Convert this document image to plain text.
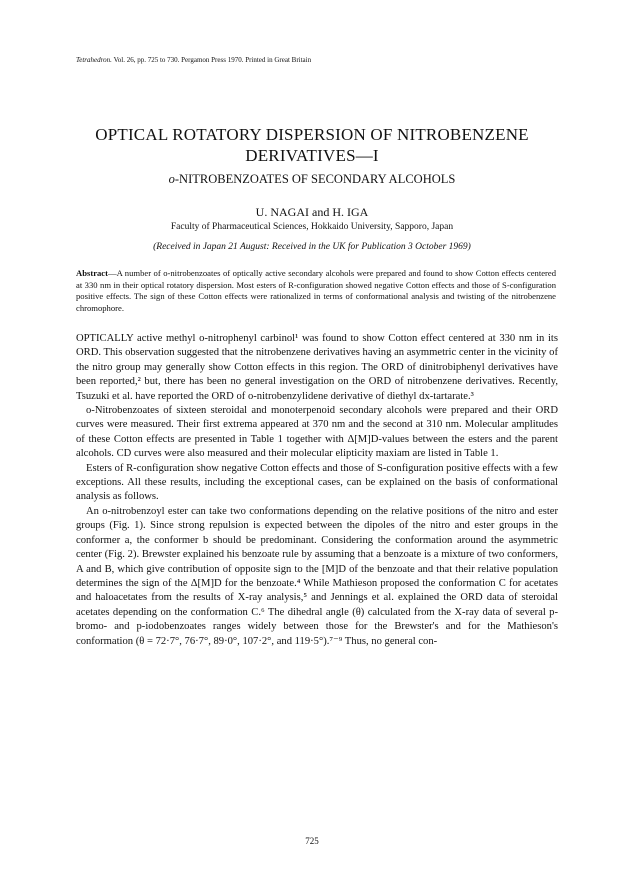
Tetrahedron. Vol. 26, pp. 725 to 730. Pergamon Press 1970. Printed in Great Britain
OPTICAL ROTATORY DISPERSION OF NITROBENZENE DERIVATIVES—I
o-NITROBENZOATES OF SECONDARY ALCOHOLS
U. NAGAI and H. IGA
Faculty of Pharmaceutical Sciences, Hokkaido University, Sapporo, Japan
(Received in Japan 21 August: Received in the UK for Publication 3 October 1969)
Abstract—A number of o-nitrobenzoates of optically active secondary alcohols were prepared and found to show Cotton effects centered at 330 nm in their optical rotatory dispersion. Most esters of R-configuration showed negative Cotton effects and those of S-configuration positive effects. The sign of these Cotton effects were rationalized in terms of conformational analysis and twisting of the nitrobenzene chromophore.

OPTICALLY active methyl o-nitrophenyl carbinol¹ was found to show Cotton effect centered at 330 nm in its ORD. This observation suggested that the nitrobenzene derivatives having an asymmetric center in the vicinity of the nitro group may generally show Cotton effects in this region. The ORD of dinitrobiphenyl derivatives have been reported,² but, there has been no general investigation on the ORD of nitrobenzene derivatives. Recently, Tsuzuki et al. have reported the ORD of o-nitrobenzylidene derivative of diethyl dx-tartarate.³

o-Nitrobenzoates of sixteen steroidal and monoterpenoid secondary alcohols were prepared and their ORD curves were measured. Their first extrema appeared at 370 nm and the second at 310 nm. Molecular amplitudes of these Cotton effects are presented in Table 1 together with Δ[M]D-values between the esters and the parent alcohols. CD curves were also measured and their molecular elipticity maxiam are listed in Table 1.

Esters of R-configuration show negative Cotton effects and those of S-configuration positive effects with a few exceptions. All these results, including the exceptional cases, can be explained on the basis of conformational analysis as follows.

An o-nitrobenzoyl ester can take two conformations depending on the relative positions of the nitro and ester groups (Fig. 1). Since strong repulsion is expected between the dipoles of the nitro and ester groups in the conformer a, the conformer b should be predominant. Considering the conformation around the asymmetric center (Fig. 2). Brewster explained his benzoate rule by assuming that a benzoate is a mixture of two conformers, A and B, which give contribution of opposite sign to the [M]D of the benzoate and that their relative population determines the sign of the Δ[M]D for the benzoate.⁴ While Mathieson proposed the conformation C for acetates and haloacetates from the results of X-ray analysis,⁵ and Jennings et al. explained the ORD data of steroidal acetates depending on the conformation C.⁶ The dihedral angle (θ) calculated from the X-ray data of several p-bromo- and p-iodobenzoates ranges widely between those for the Brewster's and for the Mathieson's conformation (θ = 72·7°, 76·7°, 89·0°, 107·2°, and 119·5°).⁷⁻⁹ Thus, no general con-

725
